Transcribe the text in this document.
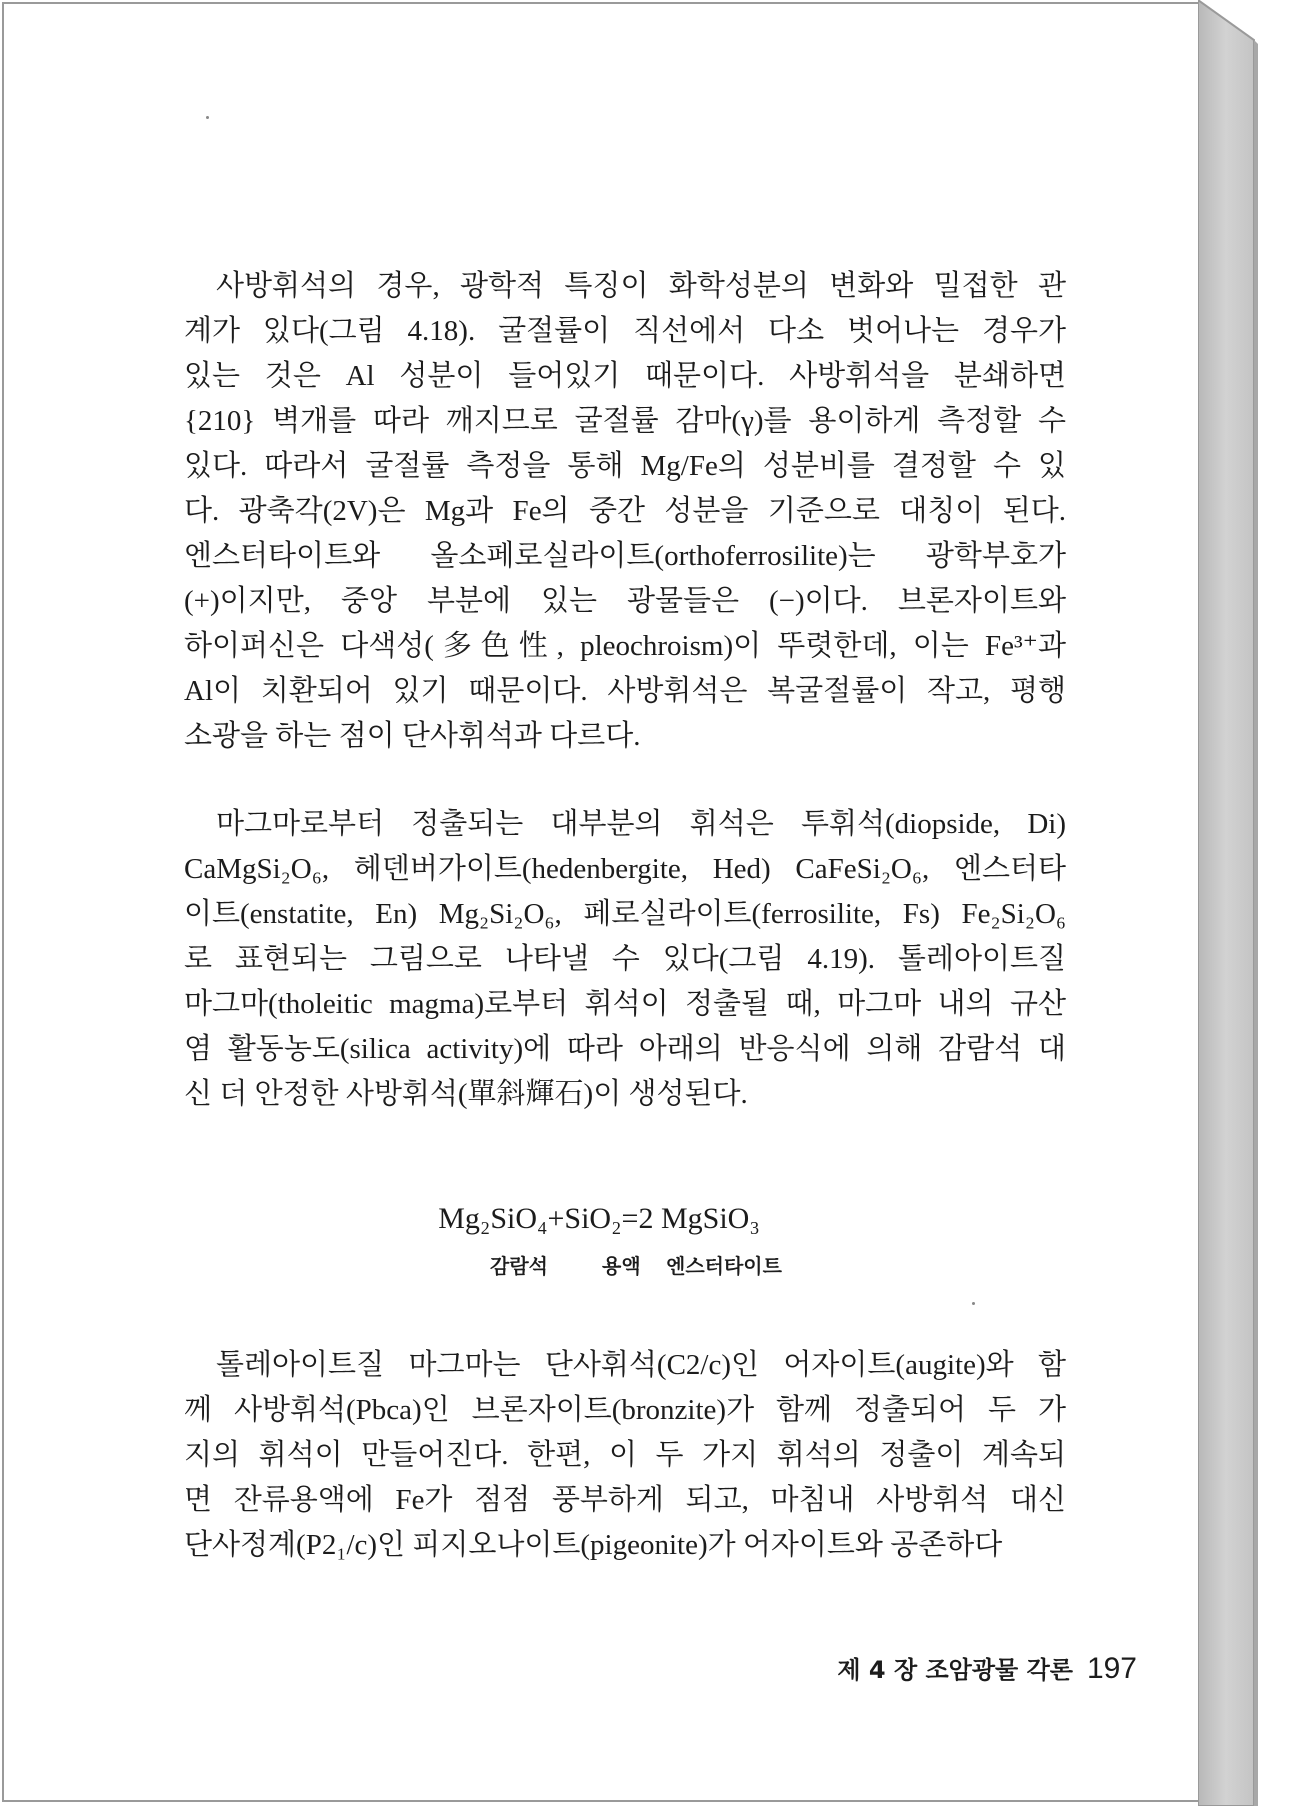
사방휘석의 경우, 광학적 특징이 화학성분의 변화와 밀접한 관
계가 있다(그림 4.18). 굴절률이 직선에서 다소 벗어나는 경우가
있는 것은 Al 성분이 들어있기 때문이다. 사방휘석을 분쇄하면
{210} 벽개를 따라 깨지므로 굴절률 감마(γ)를 용이하게 측정할 수
있다. 따라서 굴절률 측정을 통해 Mg/Fe의 성분비를 결정할 수 있
다. 광축각(2V)은 Mg과 Fe의 중간 성분을 기준으로 대칭이 된다.
엔스터타이트와 올소페로실라이트(orthoferrosilite)는 광학부호가
(+)이지만, 중앙 부분에 있는 광물들은 (−)이다. 브론자이트와
하이퍼신은 다색성(多色性, pleochroism)이 뚜렷한데, 이는 Fe³⁺과
Al이 치환되어 있기 때문이다. 사방휘석은 복굴절률이 작고, 평행
소광을 하는 점이 단사휘석과 다르다.
마그마로부터 정출되는 대부분의 휘석은 투휘석(diopside, Di)
CaMgSi₂O₆, 헤덴버가이트(hedenbergite, Hed) CaFeSi₂O₆, 엔스터타
이트(enstatite, En) Mg₂Si₂O₆, 페로실라이트(ferrosilite, Fs) Fe₂Si₂O₆
로 표현되는 그림으로 나타낼 수 있다(그림 4.19). 톨레아이트질
마그마(tholeitic magma)로부터 휘석이 정출될 때, 마그마 내의 규산
염 활동농도(silica activity)에 따라 아래의 반응식에 의해 감람석 대
신 더 안정한 사방휘석(單斜輝石)이 생성된다.
Mg₂SiO₄+SiO₂=2 MgSiO₃
감람석	용액 엔스터타이트
톨레아이트질 마그마는 단사휘석(C2/c)인 어자이트(augite)와 함
께 사방휘석(Pbca)인 브론자이트(bronzite)가 함께 정출되어 두 가
지의 휘석이 만들어진다. 한편, 이 두 가지 휘석의 정출이 계속되
면 잔류용액에 Fe가 점점 풍부하게 되고, 마침내 사방휘석 대신
단사정계(P2₁/c)인 피지오나이트(pigeonite)가 어자이트와 공존하다
제 4 장 조암광물 각론 197
